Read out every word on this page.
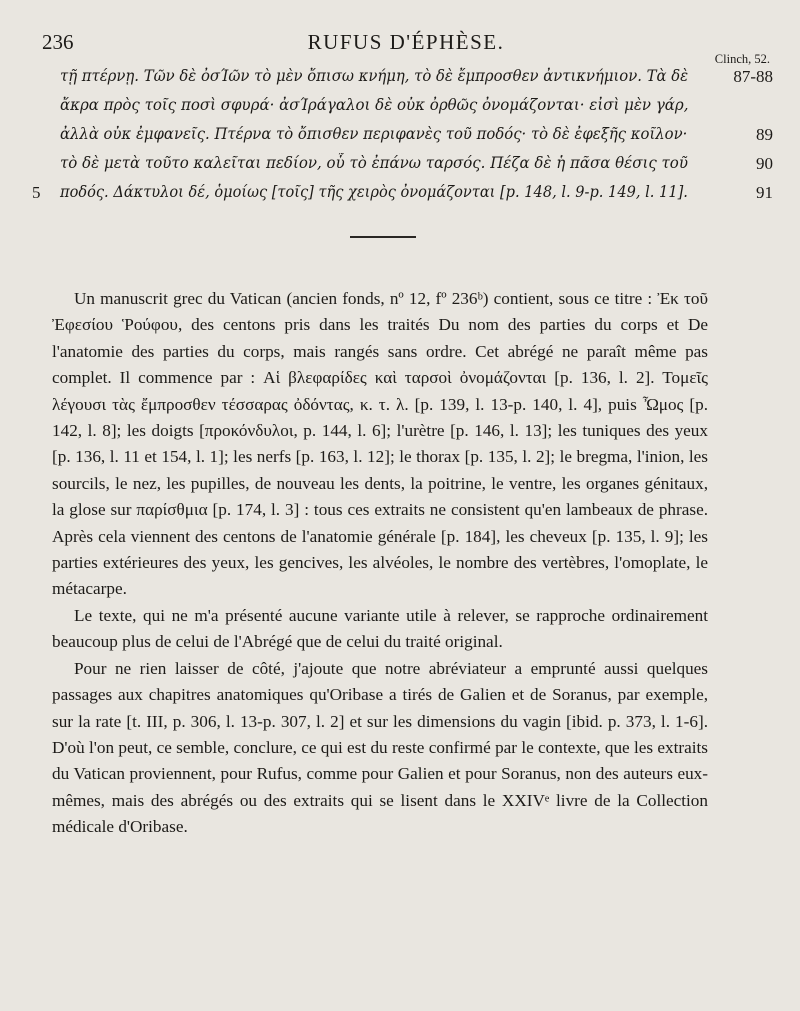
236	RUFUS D'ÉPHÈSE.
Clinch, 52.
τῇ πτέρνῃ. Τῶν δὲ ὀσΊῶν τὸ μὲν ὄπισω κνήμη, τὸ δὲ ἔμπροσθεν ἀντικνήμιον. Τὰ δὲ	87-88
ἄκρα πρὸς τοῖς ποσὶ σφυρά· ἀσΊράγαλοι δὲ οὐκ ὀρθῶς ὀνομάζονται· εἰσὶ μὲν γάρ,
ἀλλὰ οὐκ ἐμφανεῖς. Πτέρνα τὸ ὄπισθεν περιφανὲς τοῦ ποδός· τὸ δὲ ἐφεξῆς κοῖλον·	89
τὸ δὲ μετὰ τοῦτο καλεῖται πεδίον, οὗ τὸ ἐπάνω ταρσός. Πέζα δὲ ἡ πᾶσα θέσις τοῦ	90
5 ποδός. Δάκτυλοι δέ, ὁμοίως [τοῖς] τῆς χειρὸς ὀνομάζονται [p. 148, l. 9-p. 149, l. 11].	91

Un manuscrit grec du Vatican (ancien fonds, nº 12, fº 236ᵇ) contient, sous ce titre : Ἐκ τοῦ Ἐφεσίου Ῥούφου, des centons pris dans les traités Du nom des parties du corps et De l'anatomie des parties du corps, mais rangés sans ordre. Cet abrégé ne paraît même pas complet. Il commence par : Αἱ βλεφαρίδες καὶ ταρσοὶ ὀνομάζονται [p. 136, l. 2]. Τομεῖς λέγουσι τὰς ἔμπροσθεν τέσσαρας ὀδόντας, κ. τ. λ. [p. 139, l. 13-p. 140, l. 4], puis Ὦμος [p. 142, l. 8]; les doigts [προκόνδυλοι, p. 144, l. 6]; l'urètre [p. 146, l. 13]; les tuniques des yeux [p. 136, l. 11 et 154, l. 1]; les nerfs [p. 163, l. 12]; le thorax [p. 135, l. 2]; le bregma, l'inion, les sourcils, le nez, les pupilles, de nouveau les dents, la poitrine, le ventre, les organes génitaux, la glose sur παρίσθμια [p. 174, l. 3] : tous ces extraits ne consistent qu'en lambeaux de phrase. Après cela viennent des centons de l'anatomie générale [p. 184], les cheveux [p. 135, l. 9]; les parties extérieures des yeux, les gencives, les alvéoles, le nombre des vertèbres, l'omoplate, le métacarpe.

Le texte, qui ne m'a présenté aucune variante utile à relever, se rapproche ordinairement beaucoup plus de celui de l'Abrégé que de celui du traité original.

Pour ne rien laisser de côté, j'ajoute que notre abréviateur a emprunté aussi quelques passages aux chapitres anatomiques qu'Oribase a tirés de Galien et de Soranus, par exemple, sur la rate [t. III, p. 306, l. 13-p. 307, l. 2] et sur les dimensions du vagin [ibid. p. 373, l. 1-6]. D'où l'on peut, ce semble, conclure, ce qui est du reste confirmé par le contexte, que les extraits du Vatican proviennent, pour Rufus, comme pour Galien et pour Soranus, non des auteurs eux-mêmes, mais des abrégés ou des extraits qui se lisent dans le XXIVᵉ livre de la Collection médicale d'Oribase.
